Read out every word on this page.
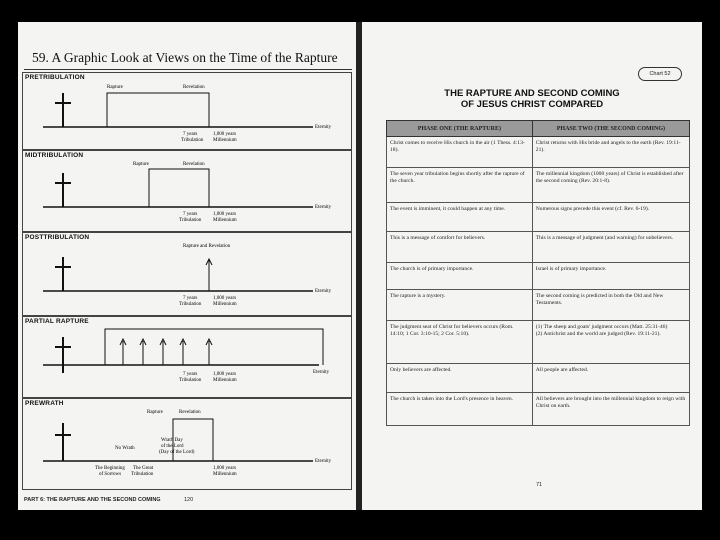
59. A Graphic Look at Views on the Time of the Rapture
PRETRIBULATION
Rapture	Revelation
7 years
Tribulation
1,000 years
Millennium
Eternity
MIDTRIBULATION
Rapture	Revelation
7 years
Tribulation
1,000 years
Millennium
Eternity
POSTTRIBULATION
Rapture and Revelation
7 years
Tribulation
1,000 years
Millennium
Eternity
PARTIAL RAPTURE
7 years
Tribulation
1,000 years
Millennium
Eternity
PREWRATH
Rapture	Revelation
No Wrath
Wrath Day
of the Lord
(Day of the Lord)
The Beginning
of Sorrows
The Great
Tribulation
1,000 years
Millennium
Eternity
PART 6: THE RAPTURE AND THE SECOND COMING	120
Chart 52
THE RAPTURE AND SECOND COMING
OF JESUS CHRIST COMPARED
PHASE ONE (THE RAPTURE)	PHASE TWO (THE SECOND COMING)
Christ comes to receive His church in the air (1 Thess. 4:13-18).	Christ returns with His bride and angels to the earth (Rev. 19:11-21).
The seven year tribulation begins shortly after the rapture of the church.	The millennial kingdom (1000 years) of Christ is established after the second coming (Rev. 20:1-8).
The event is imminent, it could happen at any time.	Numerous signs precede this event (cf. Rev. 6-19).
This is a message of comfort for believers.	This is a message of judgment (and warning) for unbelievers.
The church is of primary importance.	Israel is of primary importance.
The rapture is a mystery.	The second coming is predicted in both the Old and New Testaments.
The judgment seat of Christ for believers occurs (Rom. 14:10; 1 Cor. 3:10-15; 2 Cor. 5:10).	(1) The sheep and goats' judgment occurs (Matt. 25:31-46)
(2) Antichrist and the world are judged (Rev. 19:11-21).
Only believers are affected.	All people are affected.
The church is taken into the Lord's presence in heaven.	All believers are brought into the millennial kingdom to reign with Christ on earth.
71
